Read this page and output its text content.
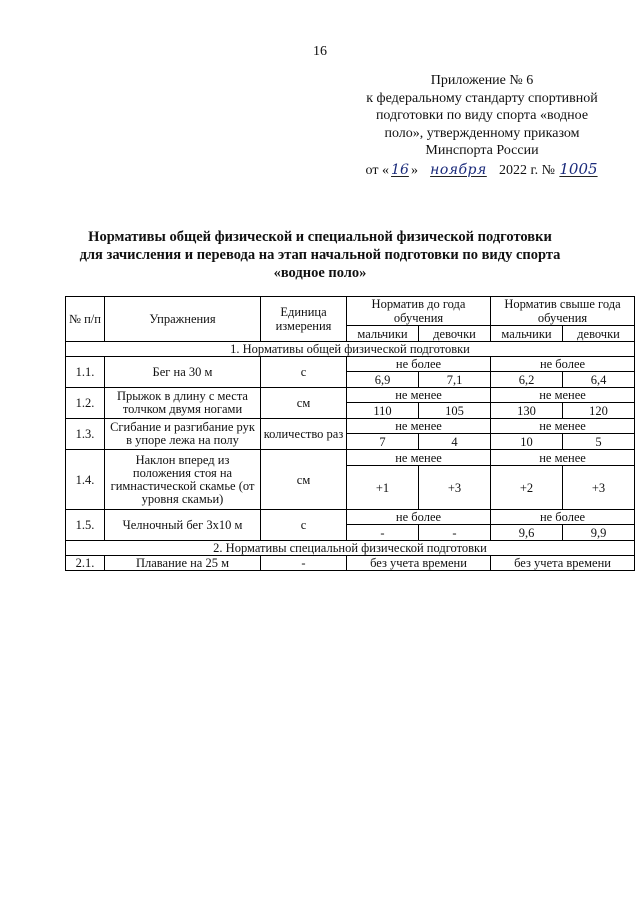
16
Приложение № 6
к федеральному стандарту спортивной
подготовки по виду спорта «водное
поло», утвержденному приказом
Минспорта России
от « 16 » ноября 2022 г. № 1005
Нормативы общей физической и специальной физической подготовки
для зачисления и перевода на этап начальной подготовки по виду спорта
«водное поло»
№ п/п	Упражнения	Единица измерения	Норматив до года обучения		Норматив свыше года обучения	
			мальчики	девочки	мальчики	девочки
1. Нормативы общей физической подготовки						
1.1.	Бег на 30 м	с	не более		не более	
			6,9	7,1	6,2	6,4
1.2.	Прыжок в длину с места толчком двумя ногами	см	не менее		не менее	
			110	105	130	120
1.3.	Сгибание и разгибание рук в упоре лежа на полу	количество раз	не менее		не менее	
			7	4	10	5
1.4.	Наклон вперед из положения стоя на гимнастической скамье (от уровня скамьи)	см	не менее		не менее	
			+1	+3	+2	+3
1.5.	Челночный бег 3х10 м	с	не более		не более	
			-	-	9,6	9,9
2. Нормативы специальной физической подготовки						
2.1.	Плавание на 25 м	-	без учета времени		без учета времени	
